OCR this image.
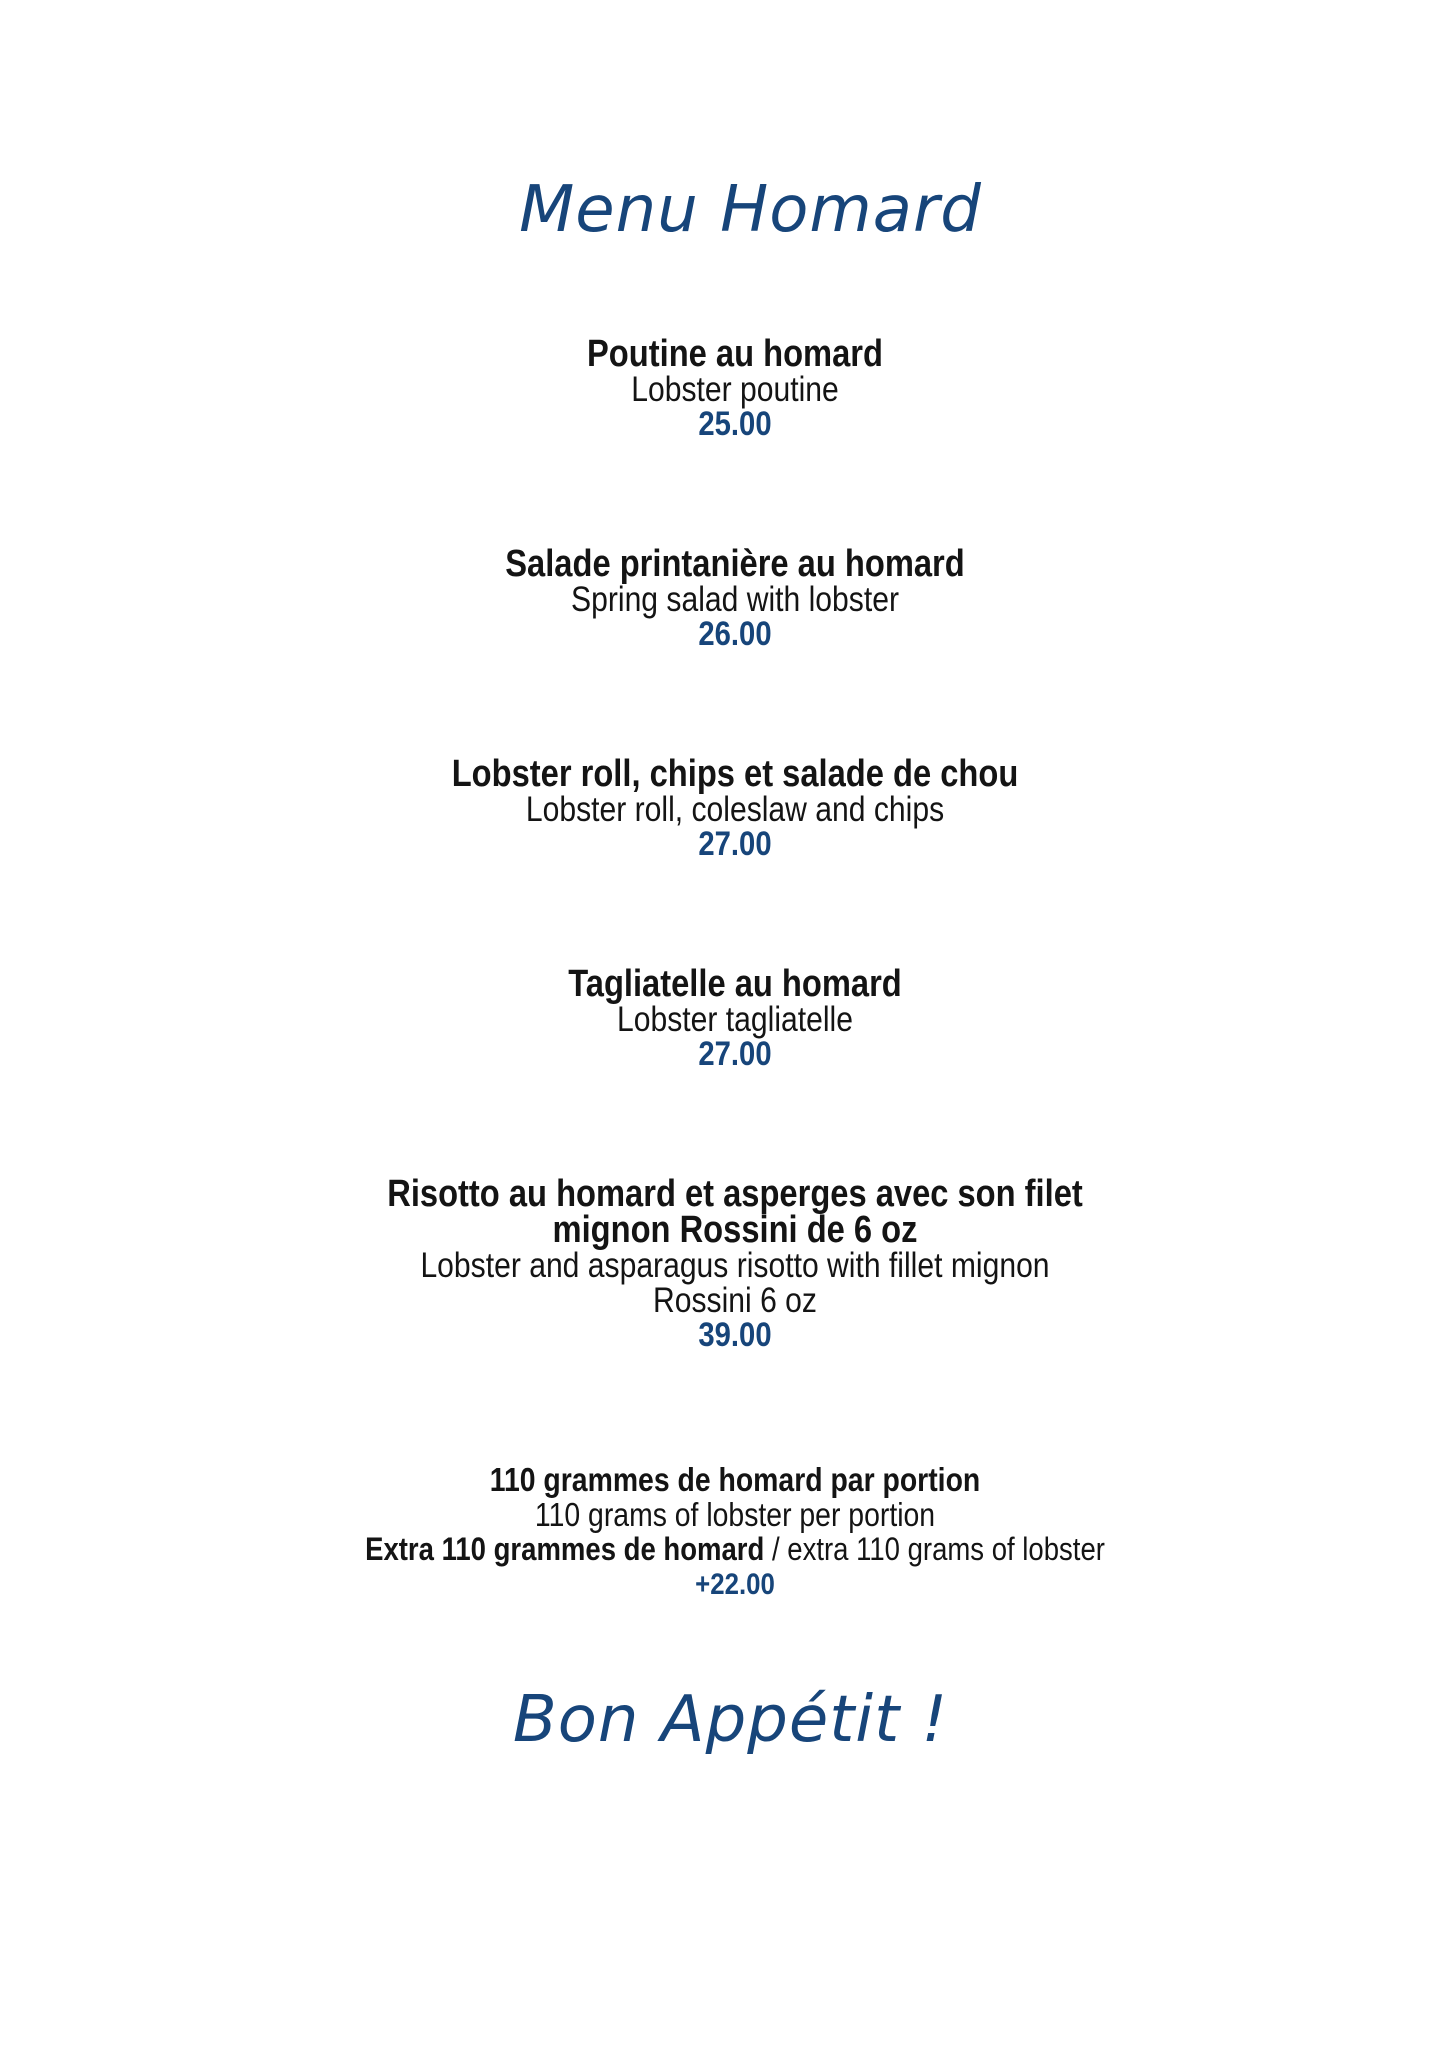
Menu Homard

Poutine au homard

Lobster poutine

25.00

Salade printanière au homard

Spring salad with lobster

26.00

Lobster roll, chips et salade de chou

Lobster roll, coleslaw and chips

27.00

Tagliatelle au homard

Lobster tagliatelle

27.00

Risotto au homard et asperges avec son filet

mignon Rossini de 6 oz

Lobster and asparagus risotto with fillet mignon

Rossini 6 oz

39.00

110 grammes de homard par portion

110 grams of lobster per portion

Extra 110 grammes de homard / extra 110 grams of lobster

+22.00

Bon Appétit !
